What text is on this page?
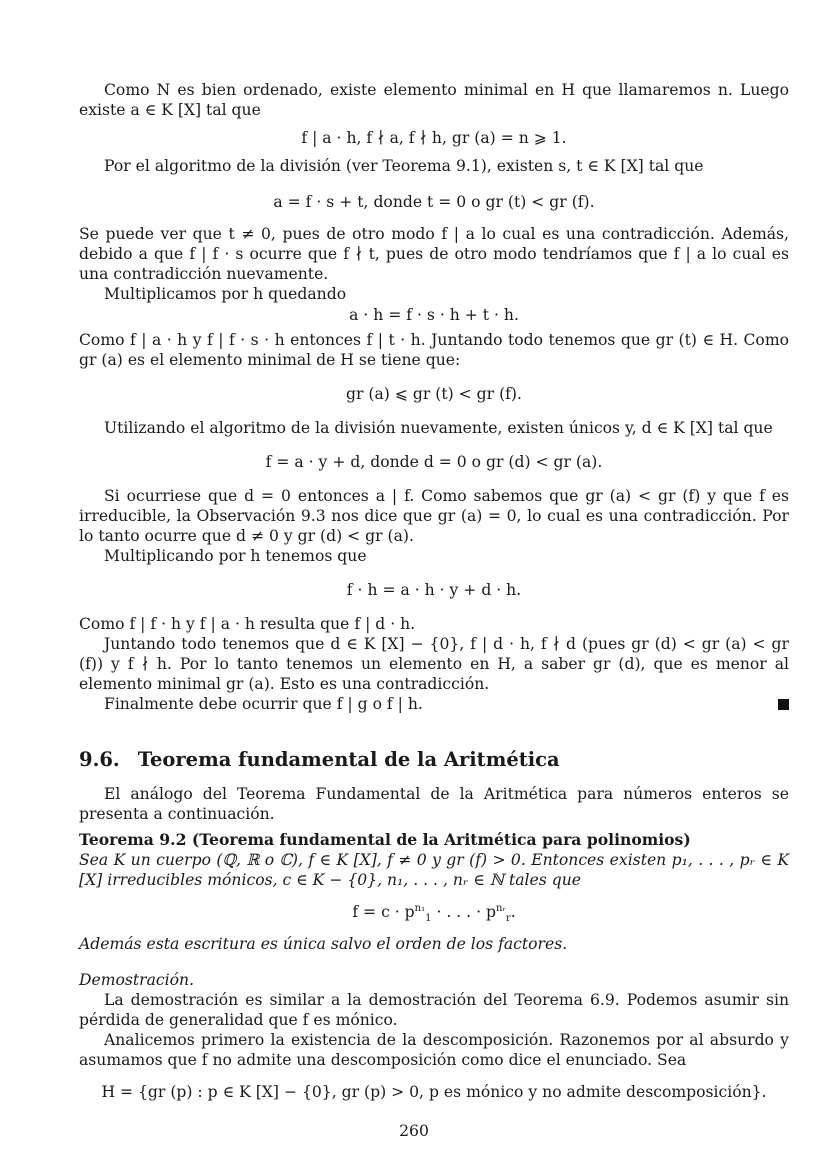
Como N es bien ordenado, existe elemento minimal en H que llamaremos n. Luego existe a ∈ K [X] tal que

f | a · h, f ∤ a, f ∤ h, gr (a) = n ⩾ 1.

Por el algoritmo de la división (ver Teorema 9.1), existen s, t ∈ K [X] tal que

a = f · s + t, donde t = 0 o gr (t) < gr (f).

Se puede ver que t ≠ 0, pues de otro modo f | a lo cual es una contradicción. Además, debido a que f | f · s ocurre que f ∤ t, pues de otro modo tendríamos que f | a lo cual es una contradicción nuevamente.

Multiplicamos por h quedando

a · h = f · s · h + t · h.

Como f | a · h y f | f · s · h entonces f | t · h. Juntando todo tenemos que gr (t) ∈ H. Como gr (a) es el elemento minimal de H se tiene que:

gr (a) ⩽ gr (t) < gr (f).

Utilizando el algoritmo de la división nuevamente, existen únicos y, d ∈ K [X] tal que

f = a · y + d, donde d = 0 o gr (d) < gr (a).

Si ocurriese que d = 0 entonces a | f. Como sabemos que gr (a) < gr (f) y que f es irreducible, la Observación 9.3 nos dice que gr (a) = 0, lo cual es una contradicción. Por lo tanto ocurre que d ≠ 0 y gr (d) < gr (a).

Multiplicando por h tenemos que

f · h = a · h · y + d · h.

Como f | f · h y f | a · h resulta que f | d · h.

Juntando todo tenemos que d ∈ K [X] − {0}, f | d · h, f ∤ d (pues gr (d) < gr (a) < gr (f)) y f ∤ h. Por lo tanto tenemos un elemento en H, a saber gr (d), que es menor al elemento minimal gr (a). Esto es una contradicción.

Finalmente debe ocurrir que f | g o f | h.

9.6. Teorema fundamental de la Aritmética

El análogo del Teorema Fundamental de la Aritmética para números enteros se presenta a continuación.

Teorema 9.2 (Teorema fundamental de la Aritmética para polinomios)

Sea K un cuerpo (ℚ, ℝ o ℂ), f ∈ K [X], f ≠ 0 y gr (f) > 0. Entonces existen p₁, . . . , pᵣ ∈ K [X] irreducibles mónicos, c ∈ K − {0}, n₁, . . . , nᵣ ∈ ℕ tales que

$f = c \cdot p^{n_1}_1$ · . . . · $p^{nᵣ}_r$.

Además esta escritura es única salvo el orden de los factores.

Demostración.

La demostración es similar a la demostración del Teorema 6.9. Podemos asumir sin pérdida de generalidad que f es mónico.

Analicemos primero la existencia de la descomposición. Razonemos por al absurdo y asumamos que f no admite una descomposición como dice el enunciado. Sea

H = {gr (p) : p ∈ K [X] − {0}, gr (p) > 0, p es mónico y no admite descomposición}.

260
